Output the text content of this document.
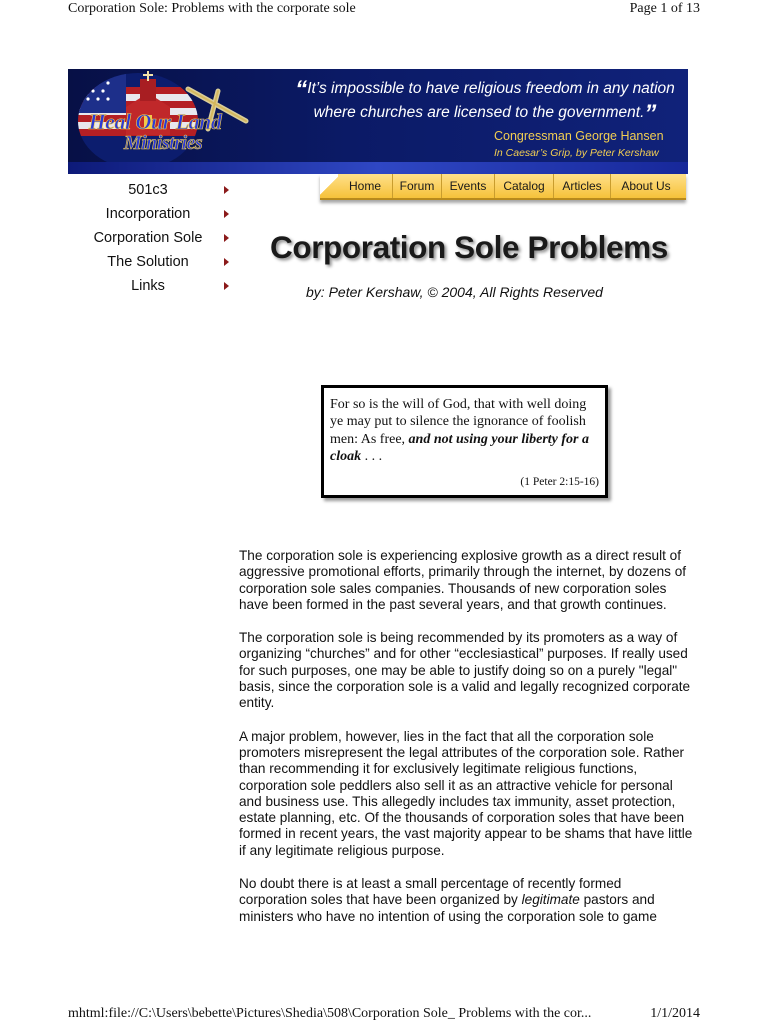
Corporation Sole: Problems with the corporate sole	Page 1 of 13
Heal Our Land
Ministries
“It’s impossible to have religious freedom in any nation
where churches are licensed to the government.”
Congressman George Hansen
In Caesar’s Grip, by Peter Kershaw
Home	Forum	Events	Catalog	Articles	About Us
501c3
Incorporation
Corporation Sole
The Solution
Links
Corporation Sole Problems
by: Peter Kershaw, © 2004, All Rights Reserved
For so is the will of God, that with well doing ye may put to silence the ignorance of foolish men: As free, and not using your liberty for a cloak . . .
(1 Peter 2:15-16)

The corporation sole is experiencing explosive growth as a direct result of aggressive promotional efforts, primarily through the internet, by dozens of corporation sole sales companies. Thousands of new corporation soles have been formed in the past several years, and that growth continues.

The corporation sole is being recommended by its promoters as a way of organizing “churches” and for other “ecclesiastical” purposes. If really used for such purposes, one may be able to justify doing so on a purely "legal" basis, since the corporation sole is a valid and legally recognized corporate entity.

A major problem, however, lies in the fact that all the corporation sole promoters misrepresent the legal attributes of the corporation sole. Rather than recommending it for exclusively legitimate religious functions, corporation sole peddlers also sell it as an attractive vehicle for personal and business use. This allegedly includes tax immunity, asset protection, estate planning, etc. Of the thousands of corporation soles that have been formed in recent years, the vast majority appear to be shams that have little if any legitimate religious purpose.

No doubt there is at least a small percentage of recently formed corporation soles that have been organized by legitimate pastors and ministers who have no intention of using the corporation sole to game

mhtml:file://C:\Users\bebette\Pictures\Shedia\508\Corporation Sole_ Problems with the cor...	1/1/2014
